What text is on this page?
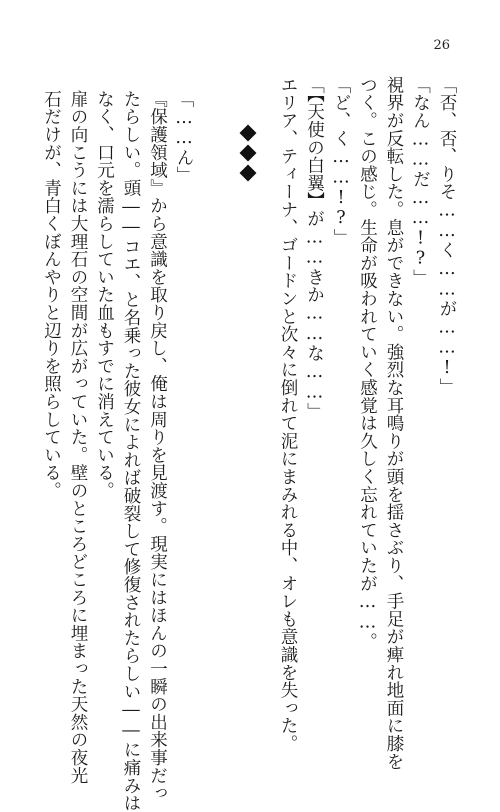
26
「否、否、りそ……く……が……!」
「なん……だ……!?」
視界が反転した。息ができない。強烈な耳鳴りが頭を揺さぶり、手足が痺れ地面に膝を
つく。この感じ。生命が吸われていく感覚は久しく忘れていたが……。
「ど、く……!?」
「【天使の白翼】が……きか……な……」
エリア、ティーナ、ゴードンと次々に倒れて泥にまみれる中、オレも意識を失った。
「……ん」
『保護領域』から意識を取り戻し、俺は周りを見渡す。現実にはほんの一瞬の出来事だっ
たらしい。頭――コエ、と名乗った彼女によれば破裂して修復されたらしい――に痛みは
なく、口元を濡らしていた血もすでに消えている。
扉の向こうには大理石の空間が広がっていた。壁のところどころに埋まった天然の夜光
石だけが、青白くぼんやりと辺りを照らしている。
